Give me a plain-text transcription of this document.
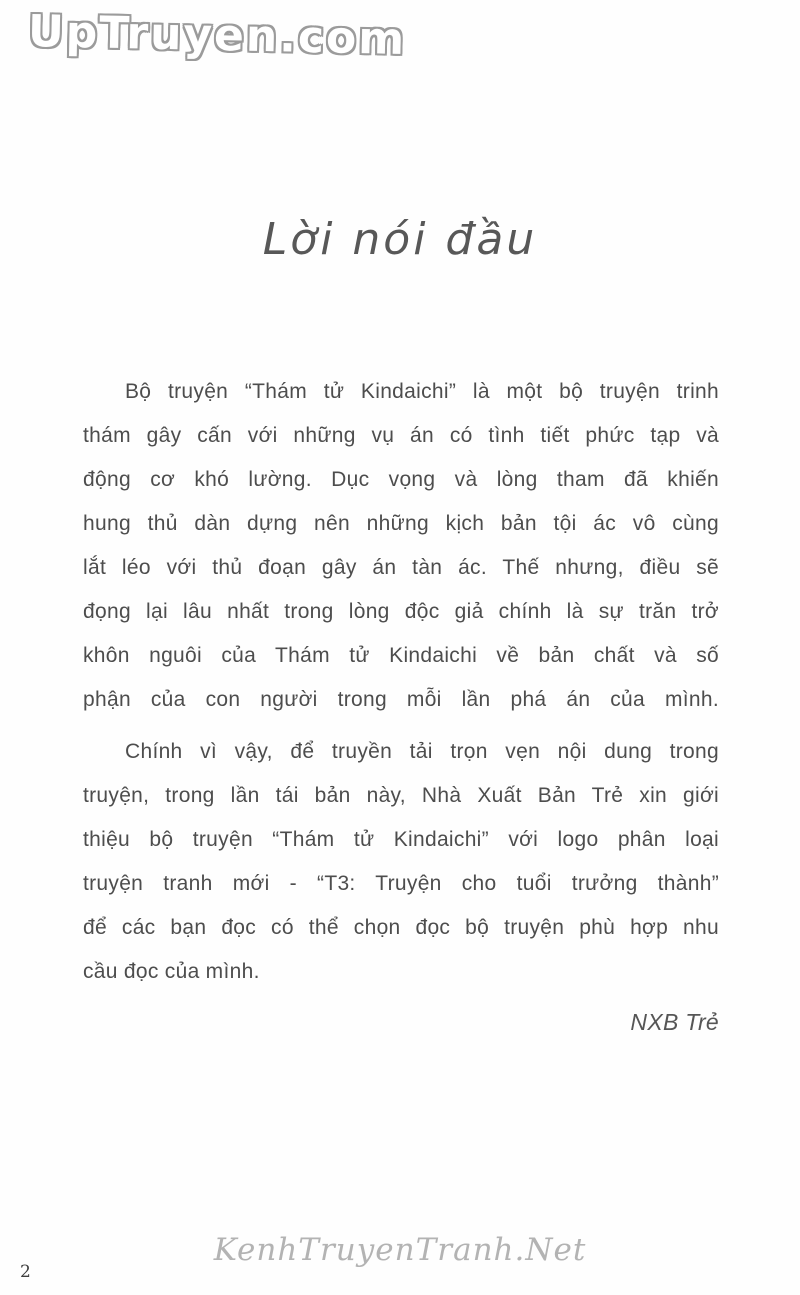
UpTruyen.com
Lời nói đầu
Bộ truyện “Thám tử Kindaichi” là một bộ truyện trinh
thám gây cấn với những vụ án có tình tiết phức tạp và
động cơ khó lường. Dục vọng và lòng tham đã khiến
hung thủ dàn dựng nên những kịch bản tội ác vô cùng
lắt léo với thủ đoạn gây án tàn ác. Thế nhưng, điều sẽ
đọng lại lâu nhất trong lòng độc giả chính là sự trăn trở
khôn nguôi của Thám tử Kindaichi về bản chất và số
phận của con người trong mỗi lần phá án của mình.
Chính vì vậy, để truyền tải trọn vẹn nội dung trong
truyện, trong lần tái bản này, Nhà Xuất Bản Trẻ xin giới
thiệu bộ truyện “Thám tử Kindaichi” với logo phân loại
truyện tranh mới - “T3: Truyện cho tuổi trưởng thành”
để các bạn đọc có thể chọn đọc bộ truyện phù hợp nhu
cầu đọc của mình.
NXB Trẻ
KenhTruyenTranh.Net
2
